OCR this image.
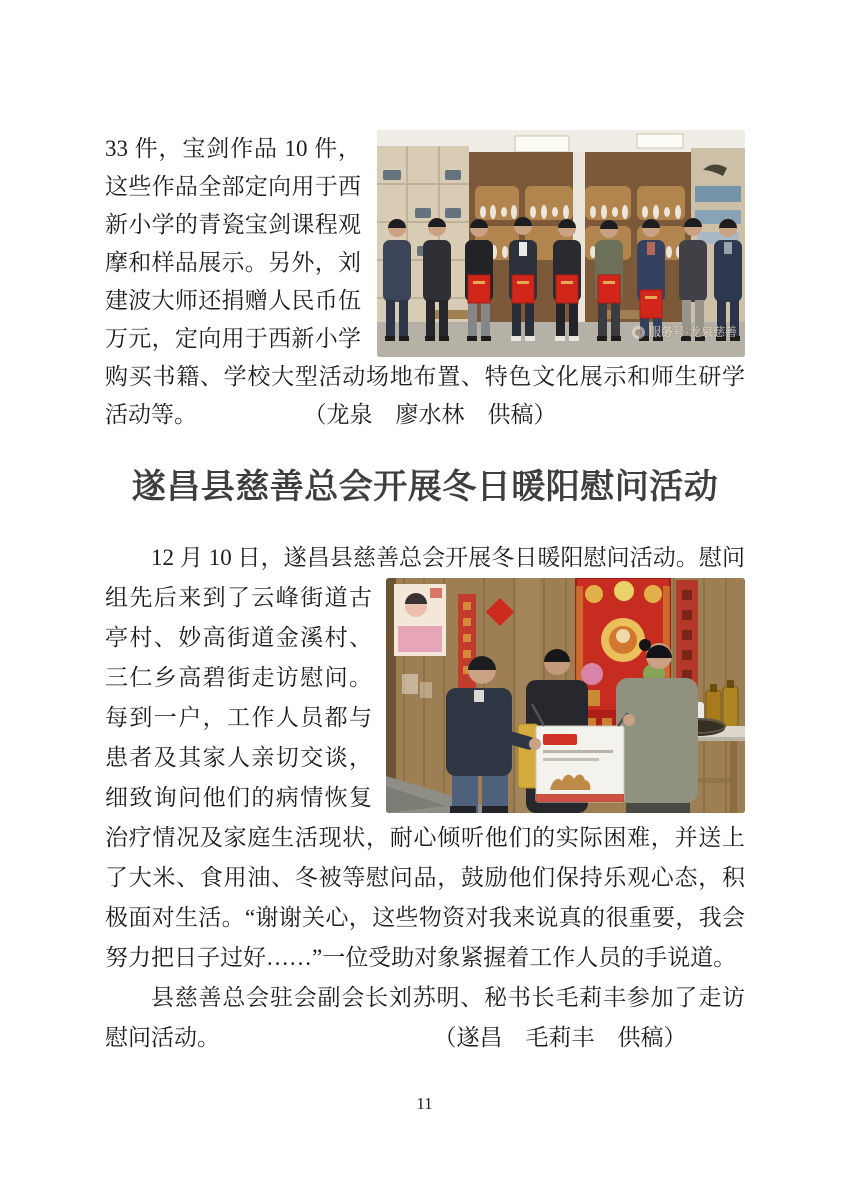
服务号·龙泉慈善
33 件，宝剑作品 10 件，这些作品全部定向用于西新小学的青瓷宝剑课程观摩和样品展示。另外，刘建波大师还捐赠人民币伍万元，定向用于西新小学购买书籍、学校大型活动场地布置、特色文化展示和师生研学活动等。	（龙泉　廖水林　供稿）
遂昌县慈善总会开展冬日暖阳慰问活动
12 月 10 日，遂昌县慈善总会开展冬日暖阳慰问活动。慰问组先后来到了云峰街道古亭村、妙高街道金溪村、三仁乡高碧街走访慰问。每到一户，工作人员都与患者及其家人亲切交谈，细致询问他们的病情恢复治疗情况及家庭生活现状，耐心倾听他们的实际困难，并送上了大米、食用油、冬被等慰问品，鼓励他们保持乐观心态，积极面对生活。“谢谢关心，这些物资对我来说真的很重要，我会努力把日子过好……”一位受助对象紧握着工作人员的手说道。
县慈善总会驻会副会长刘苏明、秘书长毛莉丰参加了走访慰问活动。	（遂昌　毛莉丰　供稿）
11
